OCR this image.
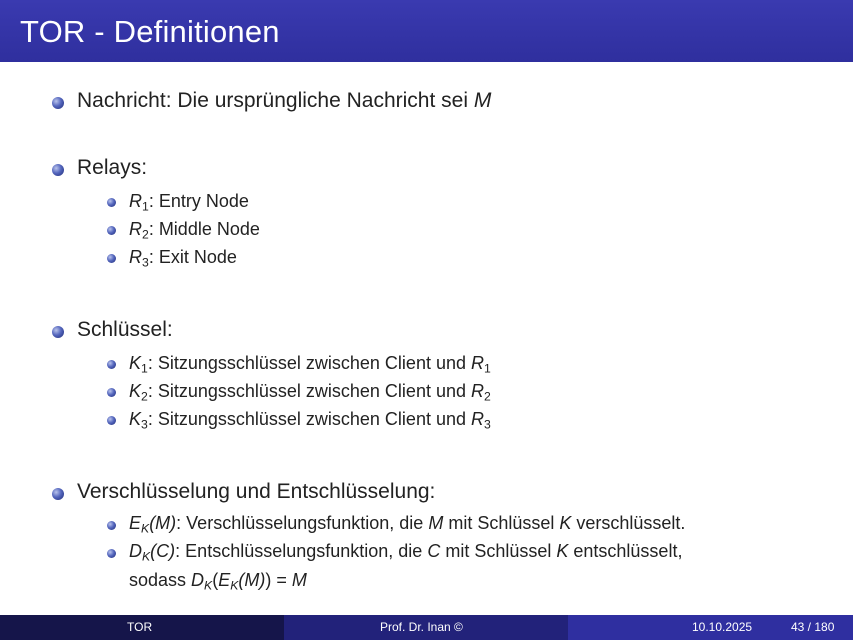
TOR - Definitionen
Nachricht: Die ursprüngliche Nachricht sei M
Relays:
$R_1$: Entry Node
$R_2$: Middle Node
$R_3$: Exit Node
Schlüssel:
$K_1$: Sitzungsschlüssel zwischen Client und $R_1$
$K_2$: Sitzungsschlüssel zwischen Client und $R_2$
$K_3$: Sitzungsschlüssel zwischen Client und $R_3$
Verschlüsselung und Entschlüsselung:
$E_K(M)$: Verschlüsselungsfunktion, die M mit Schlüssel K verschlüsselt.
$D_K(C)$: Entschlüsselungsfunktion, die C mit Schlüssel K entschlüsselt,
sodass $D_K(E_K(M)) = M$
TOR	Prof. Dr. Inan ©	10.10.2025	43 / 180
